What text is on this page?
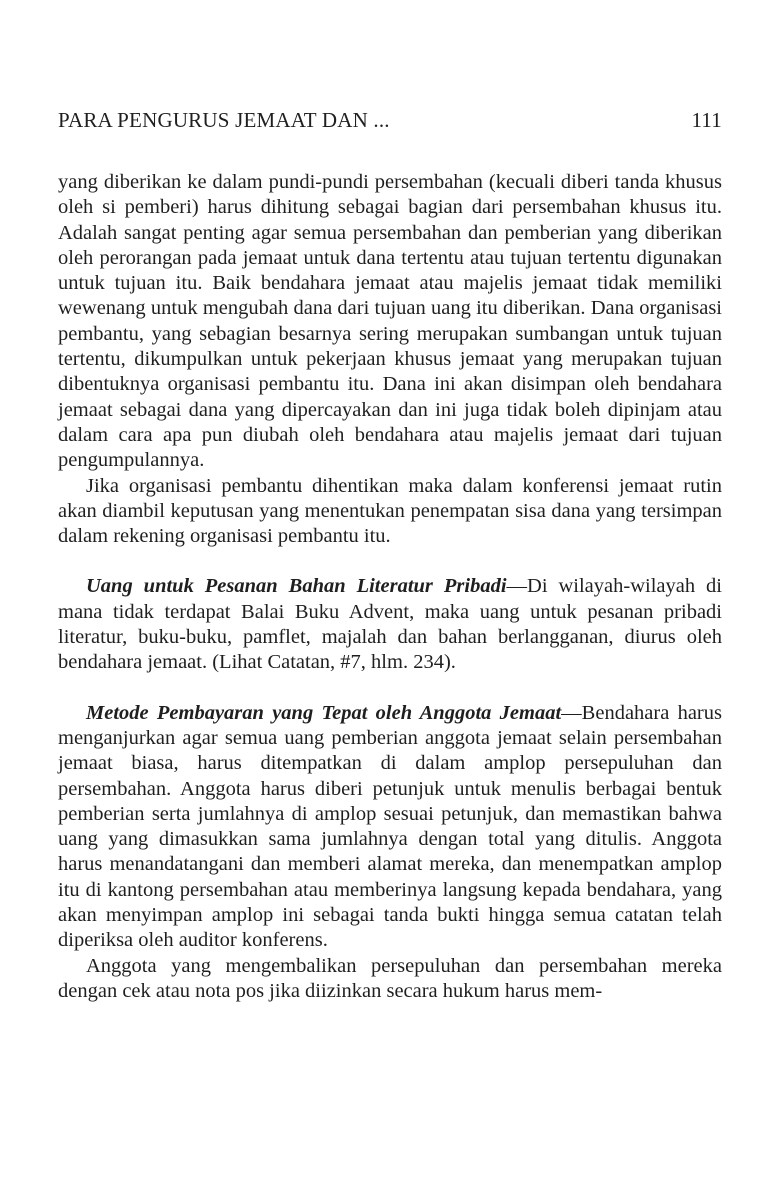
PARA PENGURUS JEMAAT DAN ...	111

yang diberikan ke dalam pundi-pundi persembahan (kecuali diberi tanda khusus oleh si pemberi) harus dihitung sebagai bagian dari persembahan khusus itu. Adalah sangat penting agar semua persembahan dan pemberian yang diberikan oleh perorangan pada jemaat untuk dana tertentu atau tujuan tertentu digunakan untuk tujuan itu. Baik bendahara jemaat atau majelis jemaat tidak memiliki wewenang untuk mengubah dana dari tujuan uang itu diberikan. Dana organisasi pembantu, yang sebagian besarnya sering merupakan sumbangan untuk tujuan tertentu, dikumpulkan untuk pekerjaan khusus jemaat yang merupakan tujuan dibentuknya organisasi pembantu itu. Dana ini akan disimpan oleh bendahara jemaat sebagai dana yang dipercayakan dan ini juga tidak boleh dipinjam atau dalam cara apa pun diubah oleh bendahara atau majelis jemaat dari tujuan pengumpulannya.

Jika organisasi pembantu dihentikan maka dalam konferensi jemaat rutin akan diambil keputusan yang menentukan penempatan sisa dana yang tersimpan dalam rekening organisasi pembantu itu.

Uang untuk Pesanan Bahan Literatur Pribadi—Di wilayah-wilayah di mana tidak terdapat Balai Buku Advent, maka uang untuk pesanan pribadi literatur, buku-buku, pamflet, majalah dan bahan berlangganan, diurus oleh bendahara jemaat. (Lihat Catatan, #7, hlm. 234).

Metode Pembayaran yang Tepat oleh Anggota Jemaat—Bendahara harus menganjurkan agar semua uang pemberian anggota jemaat selain persembahan jemaat biasa, harus ditempatkan di dalam amplop persepuluhan dan persembahan. Anggota harus diberi petunjuk untuk menulis berbagai bentuk pemberian serta jumlahnya di amplop sesuai petunjuk, dan memastikan bahwa uang yang dimasukkan sama jumlahnya dengan total yang ditulis. Anggota harus menandatangani dan memberi alamat mereka, dan menempatkan amplop itu di kantong persembahan atau memberinya langsung kepada bendahara, yang akan menyimpan amplop ini sebagai tanda bukti hingga semua catatan telah diperiksa oleh auditor konferens.

Anggota yang mengembalikan persepuluhan dan persembahan mereka dengan cek atau nota pos jika diizinkan secara hukum harus mem-
